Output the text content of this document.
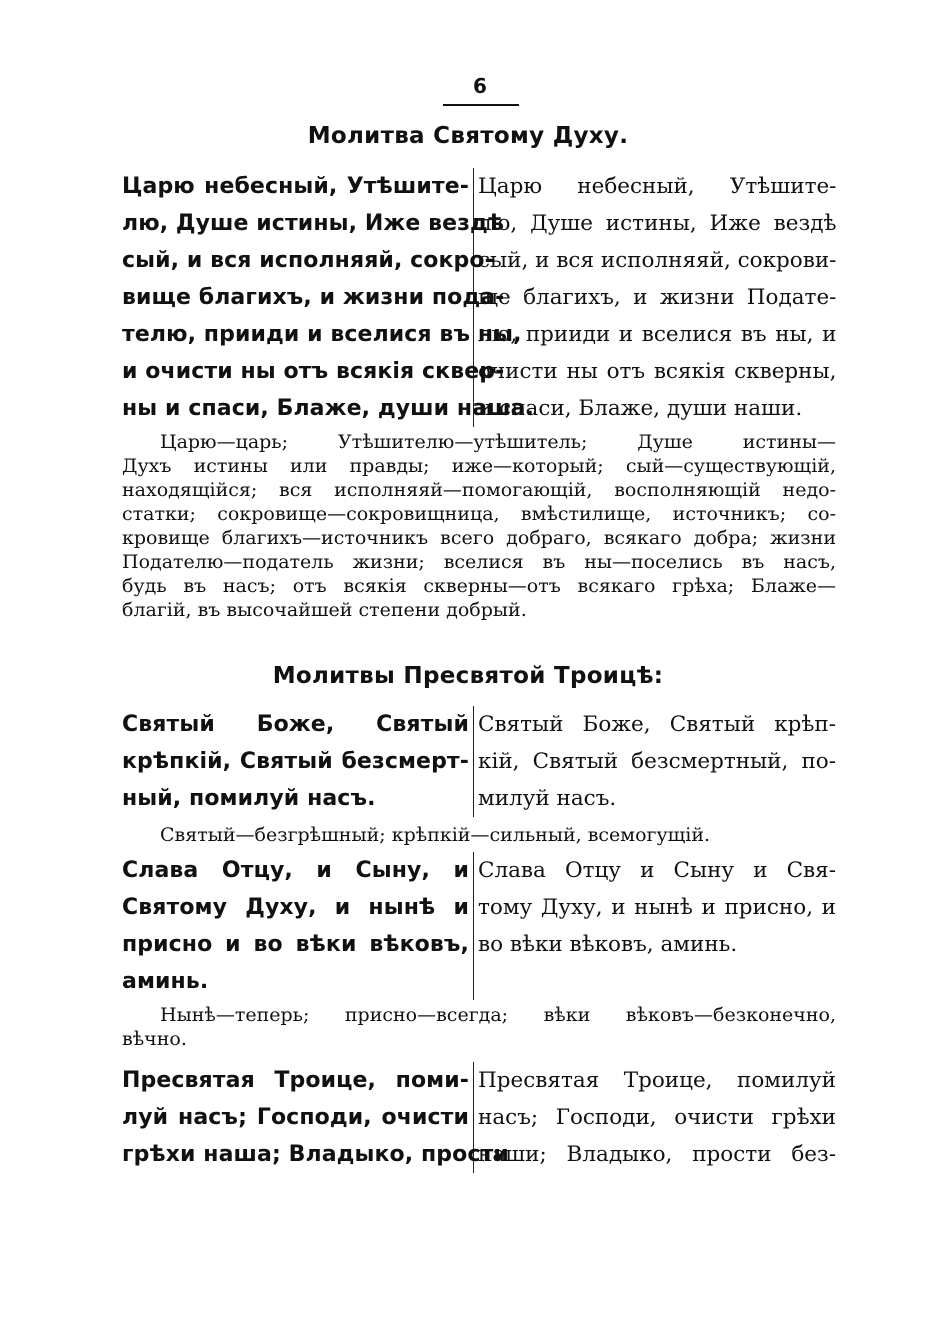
6
Молитва Святому Духу.
Царю небесный, Утѣшите-
лю, Душе истины, Иже вездѣ
сый, и вся исполняяй, сокро-
вище благихъ, и жизни пода-
телю, прииди и вселися въ ны,
и очисти ны отъ всякія сквер-
ны и спаси, Блаже, души наша.
Царю небесный, Утѣшите-
лю, Душе истины, Иже вездѣ
сый, и вся исполняяй, сокрови-
ще благихъ, и жизни Подате-
лю, прииди и вселися въ ны, и
очисти ны отъ всякія скверны,
и спаси, Блаже, души наши.
Царю—царь; Утѣшителю—утѣшитель; Душе истины—
Духъ истины или правды; иже—который; сый—существующій,
находящійся; вся исполняяй—помогающій, восполняющій недо-
статки; сокровище—сокровищница, вмѣстилище, источникъ; со-
кровище благихъ—источникъ всего добраго, всякаго добра; жизни
Подателю—податель жизни; вселися въ ны—поселись въ насъ,
будь въ насъ; отъ всякія скверны—отъ всякаго грѣха; Блаже—
благій, въ высочайшей степени добрый.
Молитвы Пресвятой Троицѣ:
Святый Боже, Святый
крѣпкій, Святый безсмерт-
ный, помилуй насъ.
Святый Боже, Святый крѣп-
кій, Святый безсмертный, по-
милуй насъ.
Святый—безгрѣшный; крѣпкій—сильный, всемогущій.
Слава Отцу, и Сыну, и
Святому Духу, и нынѣ и
присно и во вѣки вѣковъ,
аминь.
Слава Отцу и Сыну и Свя-
тому Духу, и нынѣ и присно, и
во вѣки вѣковъ, аминь.
Нынѣ—теперь; присно—всегда; вѣки вѣковъ—безконечно,
вѣчно.
Пресвятая Троице, поми-
луй насъ; Господи, очисти
грѣхи наша; Владыко, прости
Пресвятая Троице, помилуй
насъ; Господи, очисти грѣхи
наши; Владыко, прости без-
